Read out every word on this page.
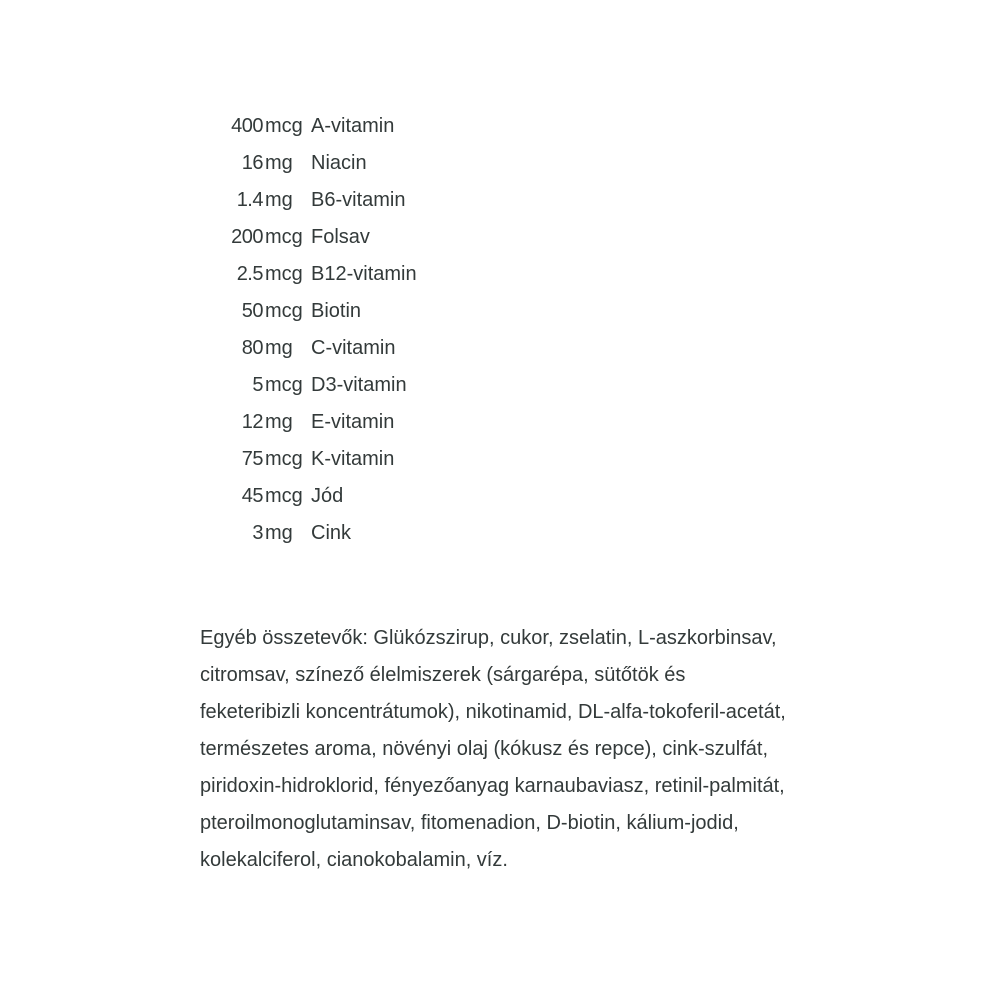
400 mcg A-vitamin
16 mg Niacin
1.4 mg B6-vitamin
200 mcg Folsav
2.5 mcg B12-vitamin
50 mcg Biotin
80 mg C-vitamin
5 mcg D3-vitamin
12 mg E-vitamin
75 mcg K-vitamin
45 mcg Jód
3 mg Cink

Egyéb összetevők: Glükózszirup, cukor, zselatin, L-aszkorbinsav, citromsav, színező élelmiszerek (sárgarépa, sütőtök és feketeribizli koncentrátumok), nikotinamid, DL-alfa-tokoferil-acetát, természetes aroma, növényi olaj (kókusz és repce), cink-szulfát, piridoxin-hidroklorid, fényezőanyag karnaubaviasz, retinil-palmitát, pteroilmonoglutaminsav, fitomenadion, D-biotin, kálium-jodid, kolekalciferol, cianokobalamin, víz.
